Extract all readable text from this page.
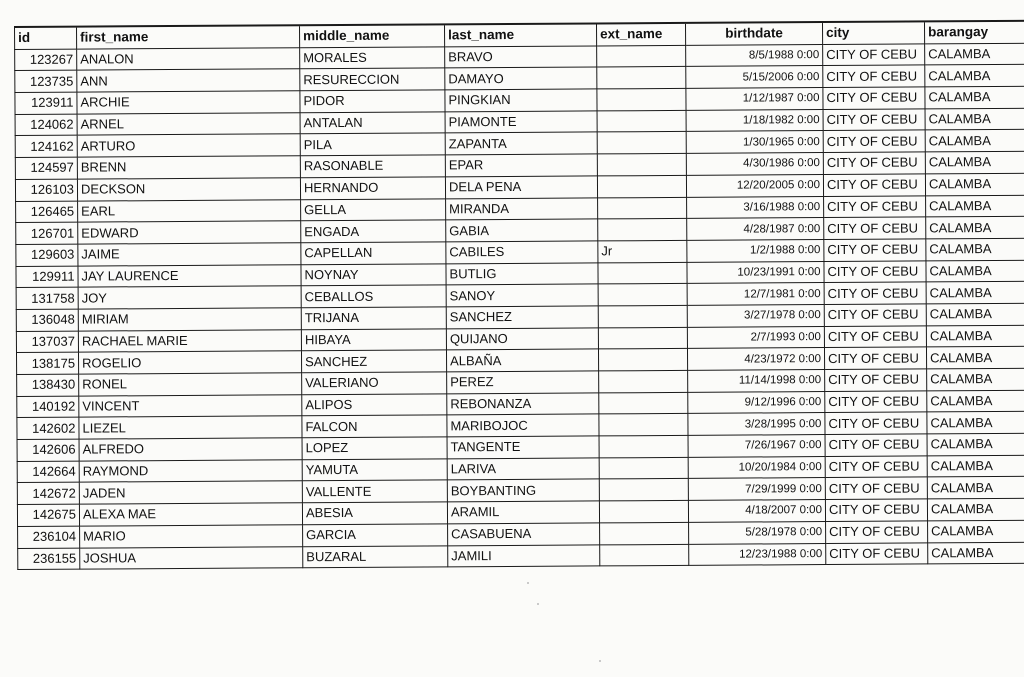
id	first_name	middle_name	last_name	ext_name	birthdate	city	barangay
123267	ANALON	MORALES	BRAVO		8/5/1988 0:00	CITY OF CEBU	CALAMBA
123735	ANN	RESURECCION	DAMAYO		5/15/2006 0:00	CITY OF CEBU	CALAMBA
123911	ARCHIE	PIDOR	PINGKIAN		1/12/1987 0:00	CITY OF CEBU	CALAMBA
124062	ARNEL	ANTALAN	PIAMONTE		1/18/1982 0:00	CITY OF CEBU	CALAMBA
124162	ARTURO	PILA	ZAPANTA		1/30/1965 0:00	CITY OF CEBU	CALAMBA
124597	BRENN	RASONABLE	EPAR		4/30/1986 0:00	CITY OF CEBU	CALAMBA
126103	DECKSON	HERNANDO	DELA PENA		12/20/2005 0:00	CITY OF CEBU	CALAMBA
126465	EARL	GELLA	MIRANDA		3/16/1988 0:00	CITY OF CEBU	CALAMBA
126701	EDWARD	ENGADA	GABIA		4/28/1987 0:00	CITY OF CEBU	CALAMBA
129603	JAIME	CAPELLAN	CABILES	Jr	1/2/1988 0:00	CITY OF CEBU	CALAMBA
129911	JAY LAURENCE	NOYNAY	BUTLIG		10/23/1991 0:00	CITY OF CEBU	CALAMBA
131758	JOY	CEBALLOS	SANOY		12/7/1981 0:00	CITY OF CEBU	CALAMBA
136048	MIRIAM	TRIJANA	SANCHEZ		3/27/1978 0:00	CITY OF CEBU	CALAMBA
137037	RACHAEL MARIE	HIBAYA	QUIJANO		2/7/1993 0:00	CITY OF CEBU	CALAMBA
138175	ROGELIO	SANCHEZ	ALBAÑA		4/23/1972 0:00	CITY OF CEBU	CALAMBA
138430	RONEL	VALERIANO	PEREZ		11/14/1998 0:00	CITY OF CEBU	CALAMBA
140192	VINCENT	ALIPOS	REBONANZA		9/12/1996 0:00	CITY OF CEBU	CALAMBA
142602	LIEZEL	FALCON	MARIBOJOC		3/28/1995 0:00	CITY OF CEBU	CALAMBA
142606	ALFREDO	LOPEZ	TANGENTE		7/26/1967 0:00	CITY OF CEBU	CALAMBA
142664	RAYMOND	YAMUTA	LARIVA		10/20/1984 0:00	CITY OF CEBU	CALAMBA
142672	JADEN	VALLENTE	BOYBANTING		7/29/1999 0:00	CITY OF CEBU	CALAMBA
142675	ALEXA MAE	ABESIA	ARAMIL		4/18/2007 0:00	CITY OF CEBU	CALAMBA
236104	MARIO	GARCIA	CASABUENA		5/28/1978 0:00	CITY OF CEBU	CALAMBA
236155	JOSHUA	BUZARAL	JAMILI		12/23/1988 0:00	CITY OF CEBU	CALAMBA
